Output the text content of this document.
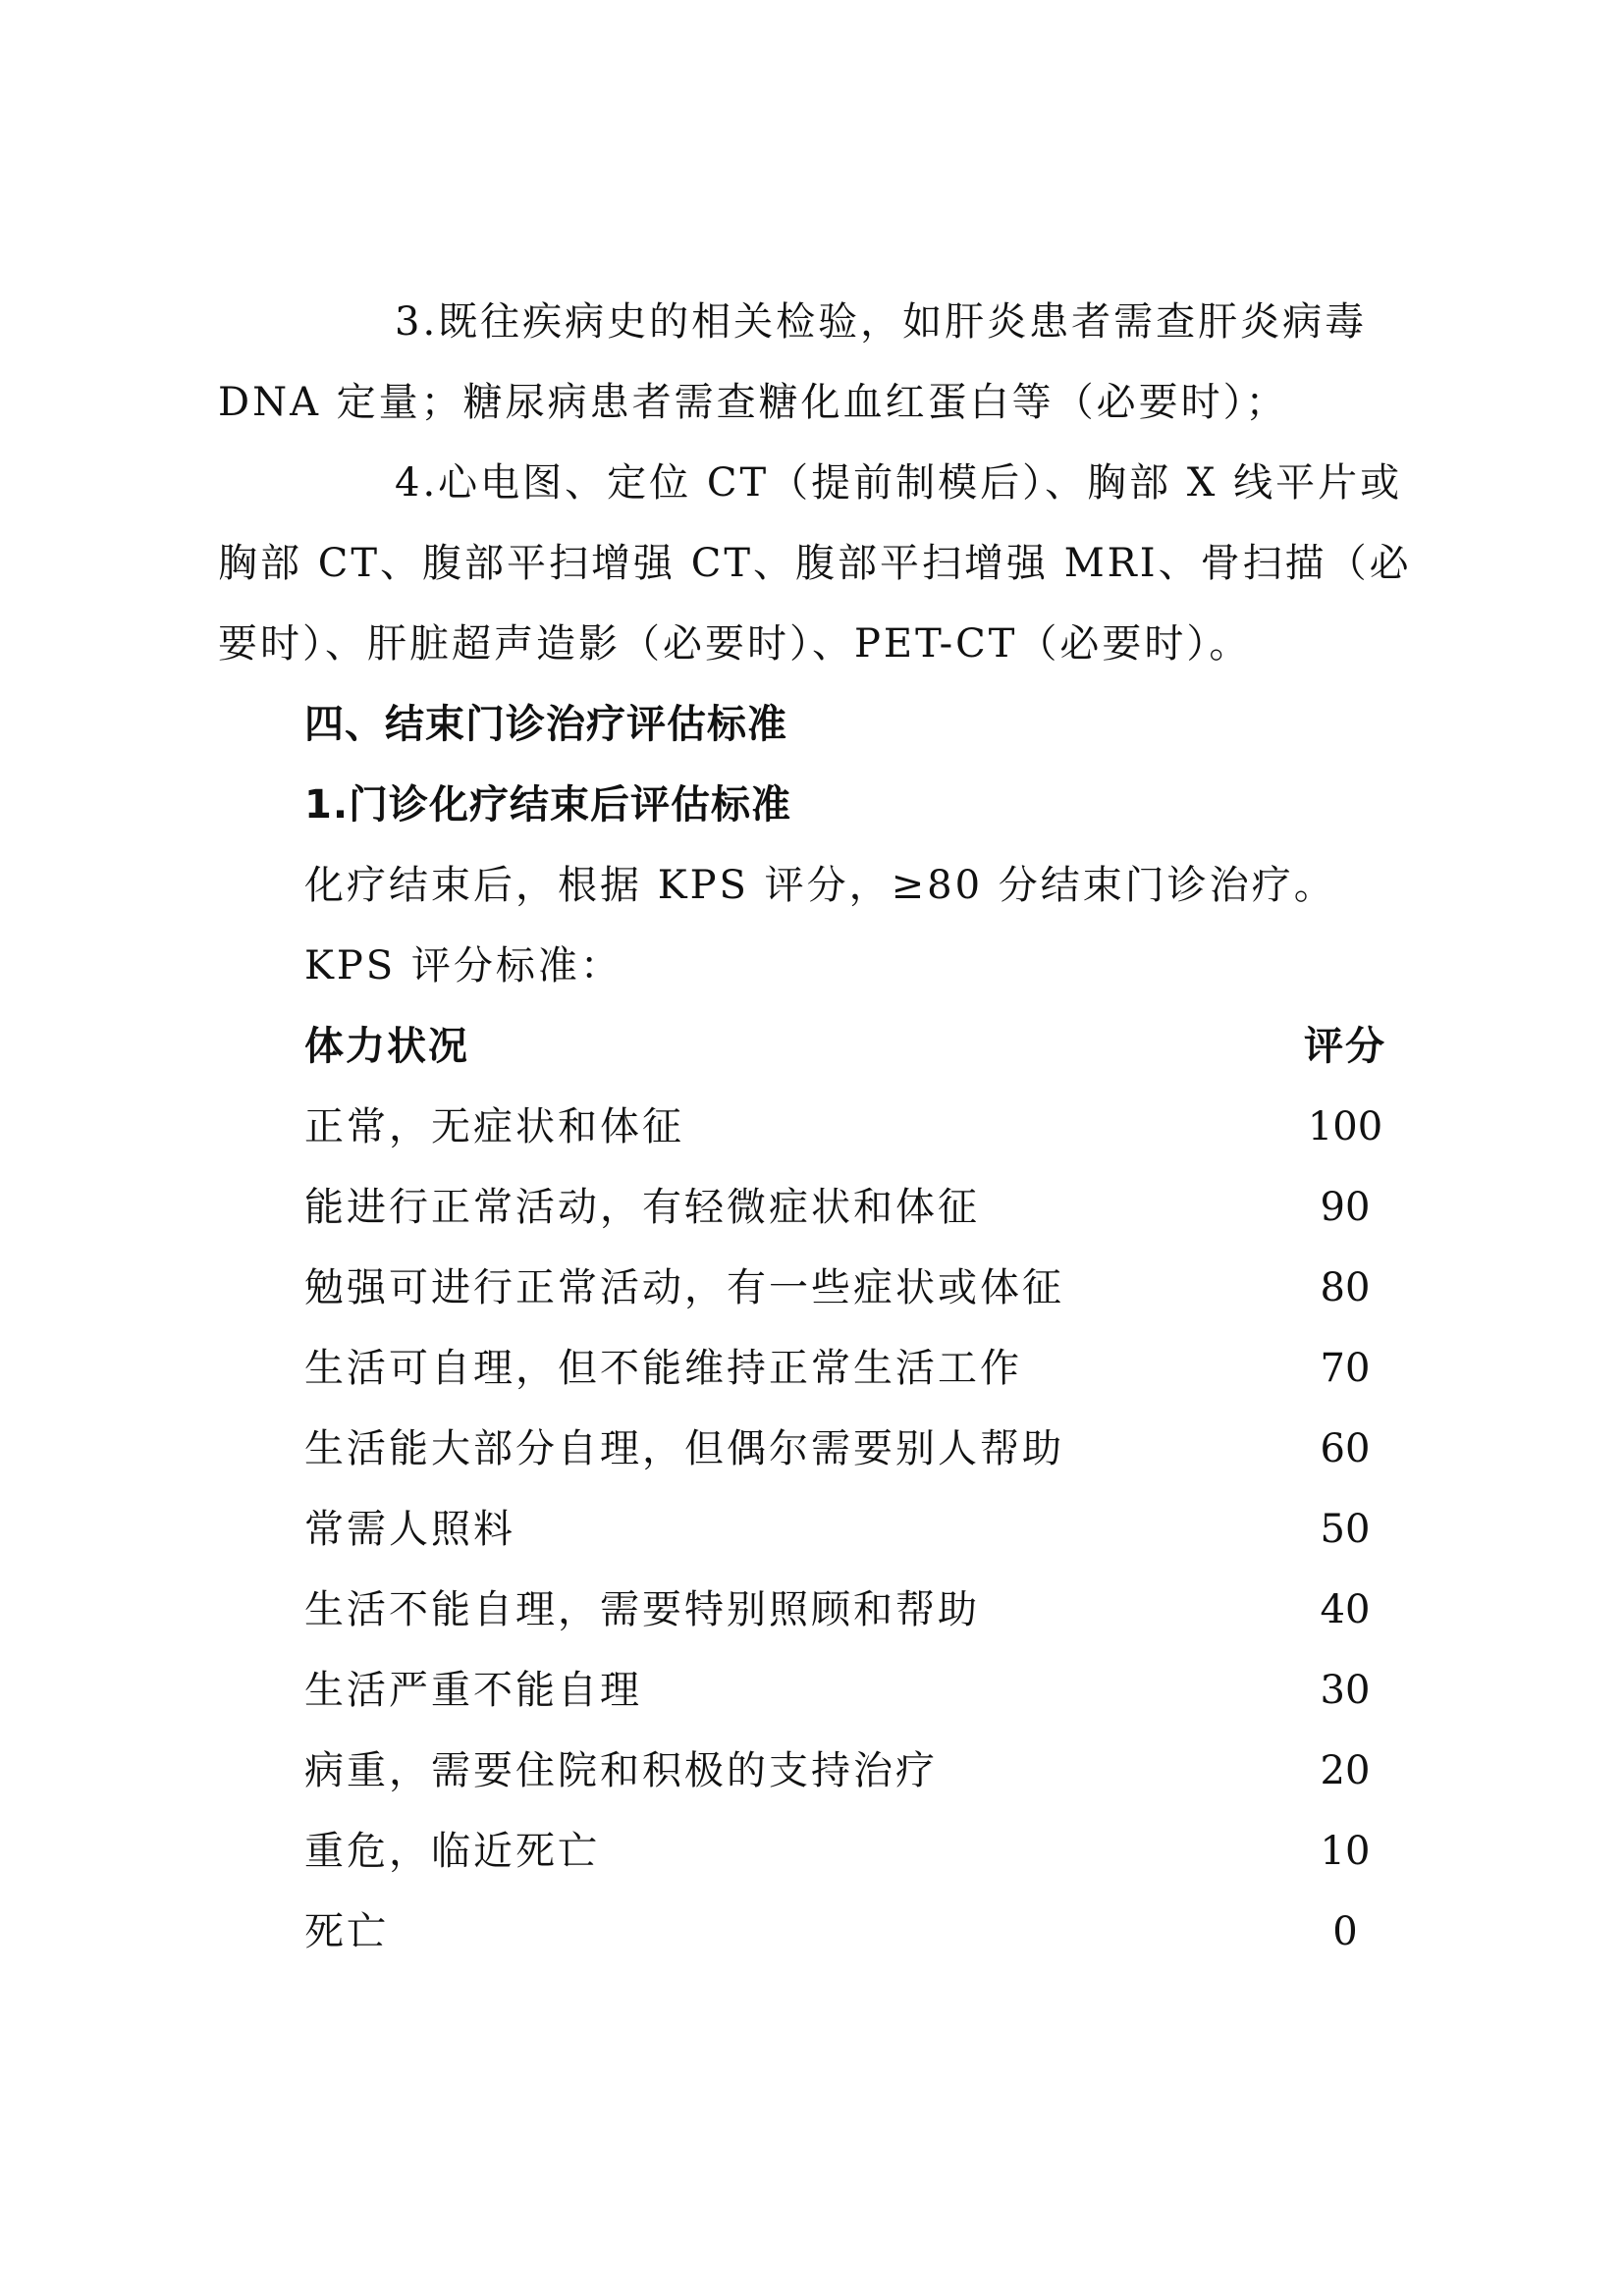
3.既往疾病史的相关检验，如肝炎患者需查肝炎病毒
DNA 定量；糖尿病患者需查糖化血红蛋白等（必要时）；
4.心电图、定位 CT（提前制模后）、胸部 X 线平片或
胸部 CT、腹部平扫增强 CT、腹部平扫增强 MRI、骨扫描（必
要时）、肝脏超声造影（必要时）、PET-CT（必要时）。
四、结束门诊治疗评估标准
1.门诊化疗结束后评估标准
化疗结束后，根据 KPS 评分，≥80 分结束门诊治疗。
KPS 评分标准：
体力状况	评分
正常，无症状和体征	100
能进行正常活动，有轻微症状和体征	90
勉强可进行正常活动，有一些症状或体征	80
生活可自理，但不能维持正常生活工作	70
生活能大部分自理，但偶尔需要别人帮助	60
常需人照料	50
生活不能自理，需要特别照顾和帮助	40
生活严重不能自理	30
病重，需要住院和积极的支持治疗	20
重危，临近死亡	10
死亡	0
